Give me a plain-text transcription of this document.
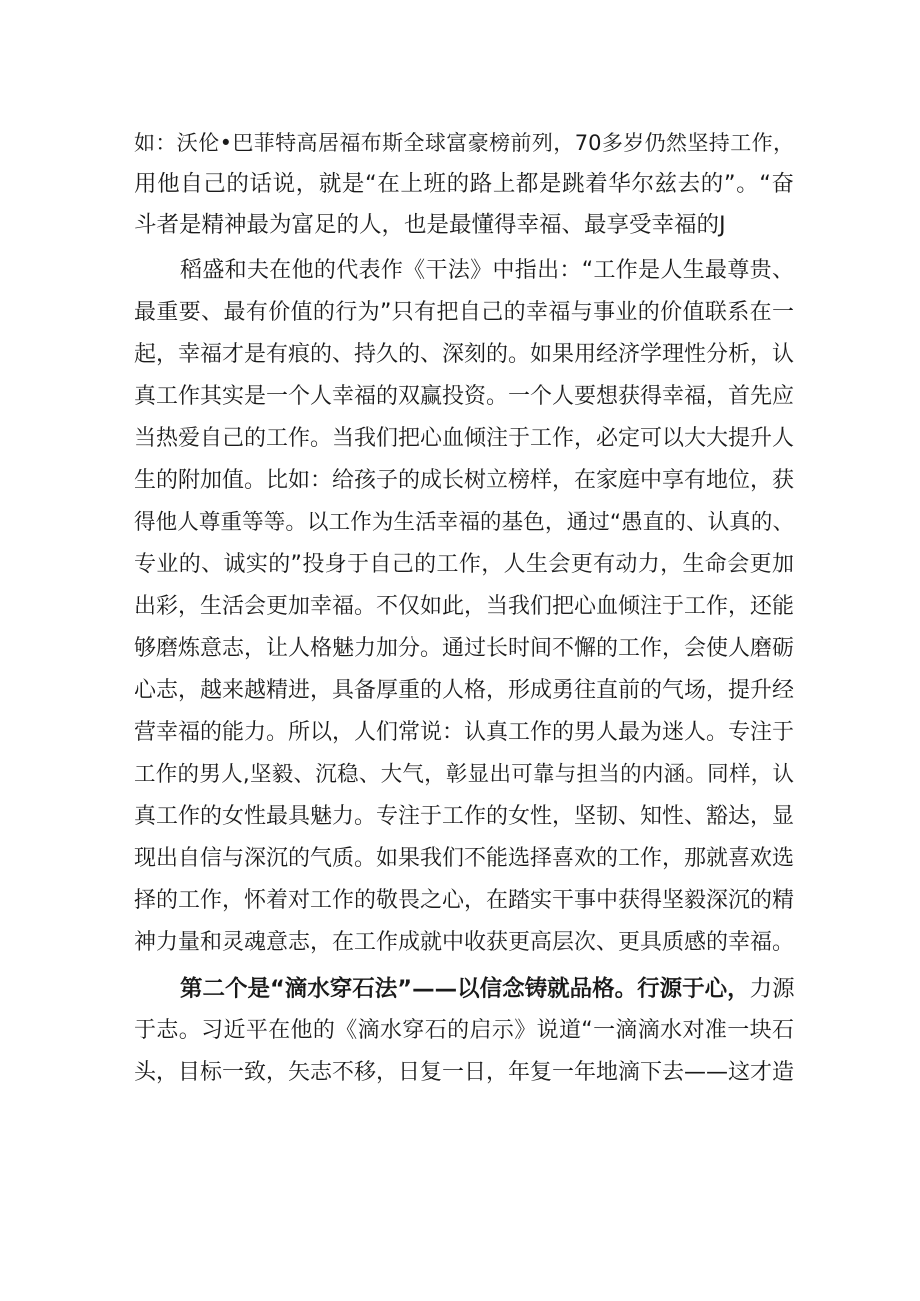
如：沃伦•巴菲特高居福布斯全球富豪榜前列，70多岁仍然坚持工作，
用他自己的话说，就是“在上班的路上都是跳着华尔兹去的”。“奋
斗者是精神最为富足的人，也是最懂得幸福、最享受幸福的J
稻盛和夫在他的代表作《干法》中指出：“工作是人生最尊贵、
最重要、最有价值的行为”只有把自己的幸福与事业的价值联系在一
起，幸福才是有痕的、持久的、深刻的。如果用经济学理性分析，认
真工作其实是一个人幸福的双赢投资。一个人要想获得幸福，首先应
当热爱自己的工作。当我们把心血倾注于工作，必定可以大大提升人
生的附加值。比如：给孩子的成长树立榜样，在家庭中享有地位，获
得他人尊重等等。以工作为生活幸福的基色，通过“愚直的、认真的、
专业的、诚实的”投身于自己的工作，人生会更有动力，生命会更加
出彩，生活会更加幸福。不仅如此，当我们把心血倾注于工作，还能
够磨炼意志，让人格魅力加分。通过长时间不懈的工作，会使人磨砺
心志，越来越精进，具备厚重的人格，形成勇往直前的气场，提升经
营幸福的能力。所以，人们常说：认真工作的男人最为迷人。专注于
工作的男人,坚毅、沉稳、大气，彰显出可靠与担当的内涵。同样，认
真工作的女性最具魅力。专注于工作的女性，坚韧、知性、豁达，显
现出自信与深沉的气质。如果我们不能选择喜欢的工作，那就喜欢选
择的工作，怀着对工作的敬畏之心，在踏实干事中获得坚毅深沉的精
神力量和灵魂意志，在工作成就中收获更高层次、更具质感的幸福。
第二个是“滴水穿石法”——以信念铸就品格。行源于心， 力源
于志。习近平在他的《滴水穿石的启示》说道“一滴滴水对准一块石
头，目标一致，矢志不移，日复一日，年复一年地滴下去——这才造
